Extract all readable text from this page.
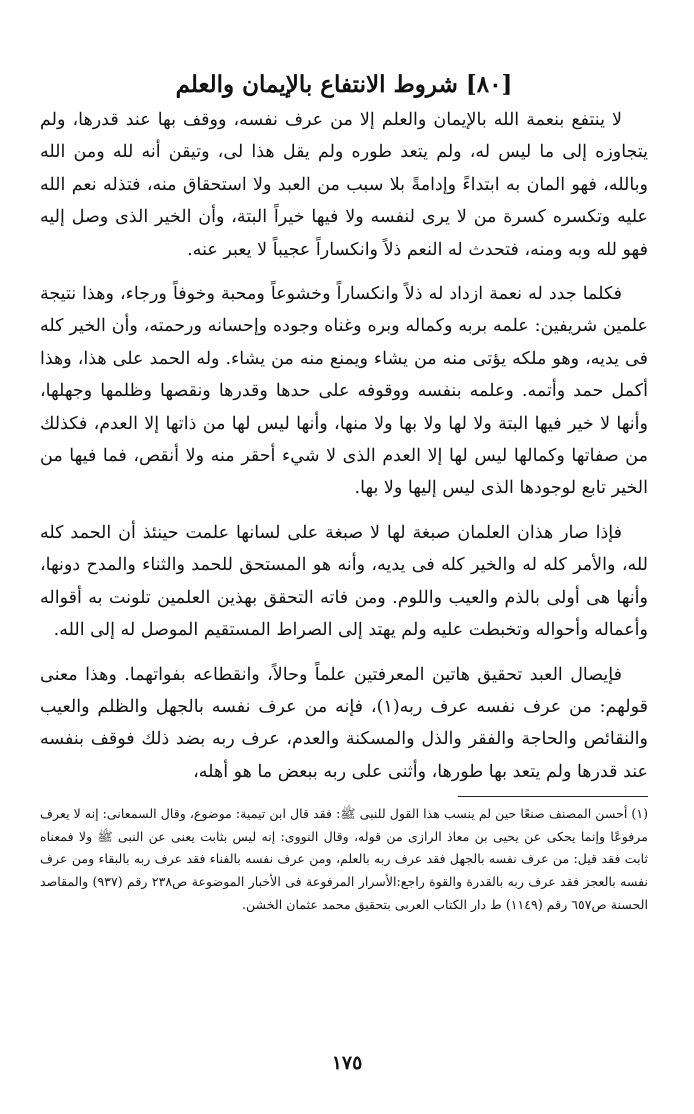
[٨٠] شروط الانتفاع بالإيمان والعلم

لا ينتفع بنعمة الله بالإيمان والعلم إلا من عرف نفسه، ووقف بها عند قدرها، ولم يتجاوزه إلى ما ليس له، ولم يتعد طوره ولم يقل هذا لى، وتيقن أنه لله ومن الله وبالله، فهو المان به ابتداءً وإدامةً بلا سبب من العبد ولا استحقاق منه، فتذله نعم الله عليه وتكسره كسرة من لا يرى لنفسه ولا فيها خيراً البتة، وأن الخير الذى وصل إليه فهو لله وبه ومنه، فتحدث له النعم ذلاً وانكساراً عجيباً لا يعبر عنه.

فكلما جدد له نعمة ازداد له ذلاً وانكساراً وخشوعاً ومحبة وخوفاً ورجاء، وهذا نتيجة علمين شريفين: علمه بربه وكماله وبره وغناه وجوده وإحسانه ورحمته، وأن الخير كله فى يديه، وهو ملكه يؤتى منه من يشاء ويمنع منه من يشاء. وله الحمد على هذا، وهذا أكمل حمد وأتمه. وعلمه بنفسه ووقوفه على حدها وقدرها ونقصها وظلمها وجهلها، وأنها لا خير فيها البتة ولا لها ولا بها ولا منها، وأنها ليس لها من ذاتها إلا العدم، فكذلك من صفاتها وكمالها ليس لها إلا العدم الذى لا شيء أحقر منه ولا أنقص، فما فيها من الخير تابع لوجودها الذى ليس إليها ولا بها.

فإذا صار هذان العلمان صبغة لها لا صبغة على لسانها علمت حينئذ أن الحمد كله لله، والأمر كله له والخير كله فى يديه، وأنه هو المستحق للحمد والثناء والمدح دونها، وأنها هى أولى بالذم والعيب واللوم. ومن فاته التحقق بهذين العلمين تلونت به أقواله وأعماله وأحواله وتخبطت عليه ولم يهتد إلى الصراط المستقيم الموصل له إلى الله.

فإيصال العبد تحقيق هاتين المعرفتين علماً وحالاً، وانقطاعه بفواتهما. وهذا معنى قولهم: من عرف نفسه عرف ربه(١)، فإنه من عرف نفسه بالجهل والظلم والعيب والنقائص والحاجة والفقر والذل والمسكنة والعدم، عرف ربه بضد ذلك فوقف بنفسه عند قدرها ولم يتعد بها طورها، وأثنى على ربه ببعض ما هو أهله،

(١) أحسن المصنف صنعًا حين لم ينسب هذا القول للنبى ﷺ: فقد قال ابن تيمية: موضوع، وقال السمعانى: إنه لا يعرف مرفوعًا وإنما يحكى عن يحيى بن معاذ الرازى من قوله، وقال النووى: إنه ليس بثابت يعنى عن النبى ﷺ ولا فمعناه ثابت فقد قيل: من عرف نفسه بالجهل فقد عرف ربه بالعلم، ومن عرف نفسه بالفناء فقد عرف ربه بالبقاء ومن عرف نفسه بالعجز فقد عرف ربه بالقدرة والقوة راجع:الأسرار المرفوعة فى الأخبار الموضوعة ص٢٣٨ رقم (٩٣٧) والمقاصد الحسنة ص٦٥٧ رقم (١١٤٩) ط دار الكتاب العربى بتحقيق محمد عثمان الخشن.

١٧٥
